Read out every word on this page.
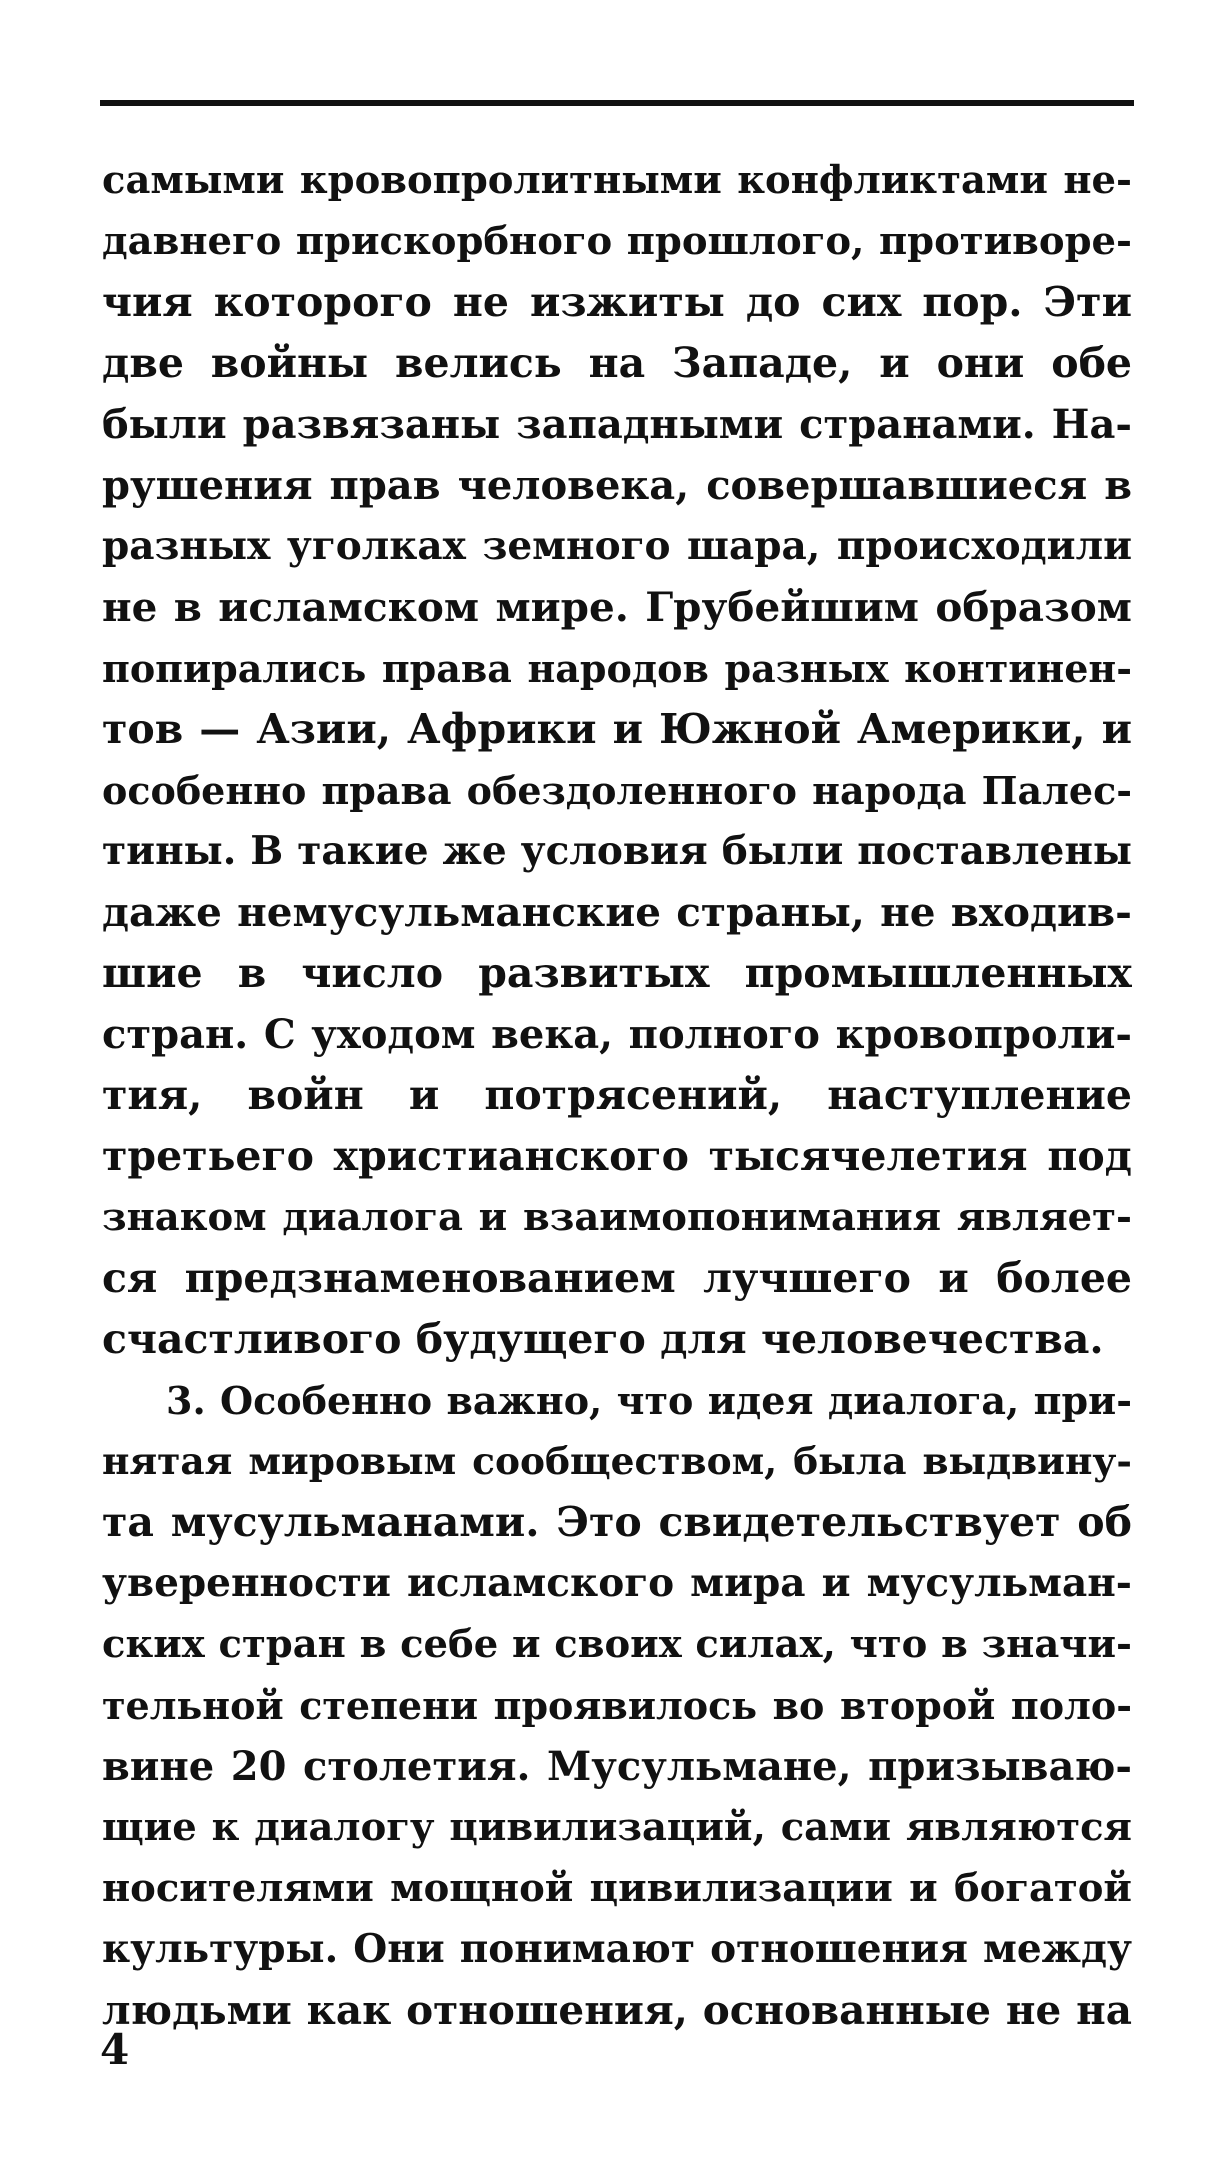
самыми кровопролитными конфликтами не-
давнего прискорбного прошлого, противоре-
чия которого не изжиты до сих пор. Эти
две войны велись на Западе, и они обе
были развязаны западными странами. На-
рушения прав человека, совершавшиеся в
разных уголках земного шара, происходили
не в исламском мире. Грубейшим образом
попирались права народов разных континен-
тов — Азии, Африки и Южной Америки, и
особенно права обездоленного народа Палес-
тины. В такие же условия были поставлены
даже немусульманские страны, не входив-
шие в число развитых промышленных
стран. С уходом века, полного кровопроли-
тия, войн и потрясений, наступление
третьего христианского тысячелетия под
знаком диалога и взаимопонимания являет-
ся предзнаменованием лучшего и более
счастливого будущего для человечества.
3. Особенно важно, что идея диалога, при-
нятая мировым сообществом, была выдвину-
та мусульманами. Это свидетельствует об
уверенности исламского мира и мусульман-
ских стран в себе и своих силах, что в значи-
тельной степени проявилось во второй поло-
вине 20 столетия. Мусульмане, призываю-
щие к диалогу цивилизаций, сами являются
носителями мощной цивилизации и богатой
культуры. Они понимают отношения между
людьми как отношения, основанные не на
4
